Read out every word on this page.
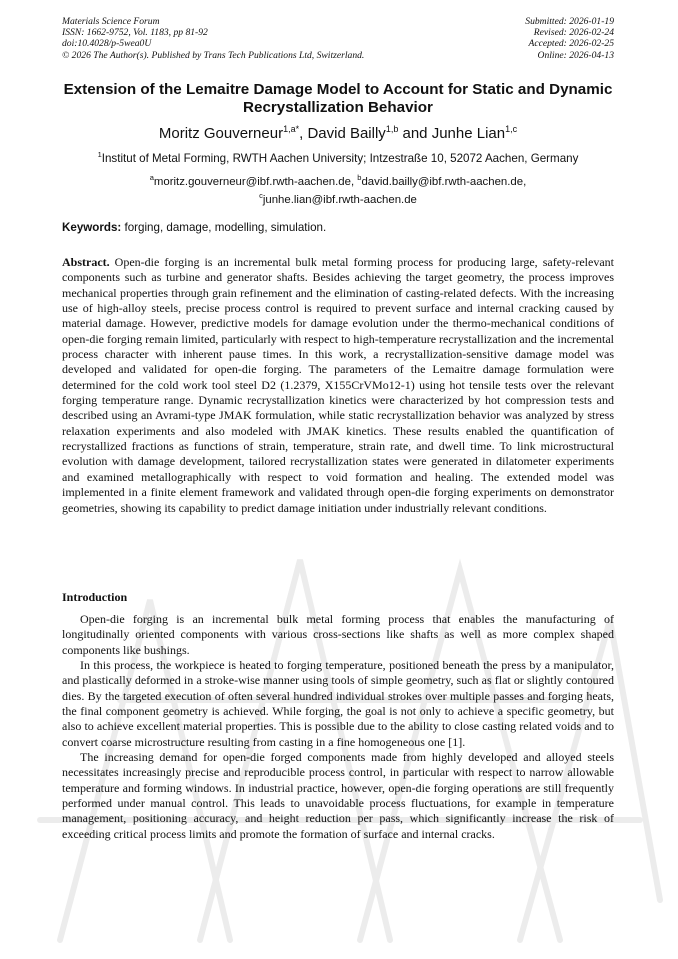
Materials Science Forum
ISSN: 1662-9752, Vol. 1183, pp 81-92
doi:10.4028/p-5wea0U
© 2026 The Author(s). Published by Trans Tech Publications Ltd, Switzerland.
Submitted: 2026-01-19
Revised: 2026-02-24
Accepted: 2026-02-25
Online: 2026-04-13
Extension of the Lemaitre Damage Model to Account for Static and Dynamic Recrystallization Behavior
Moritz Gouverneur$^{1,a*}$, David Bailly$^{1,b}$ and Junhe Lian$^{1,c}$
$^1$Institut of Metal Forming, RWTH Aachen University; Intzestraße 10, 52072 Aachen, Germany
$^a$moritz.gouverneur@ibf.rwth-aachen.de, $^b$david.bailly@ibf.rwth-aachen.de,
$^c$junhe.lian@ibf.rwth-aachen.de
Keywords: forging, damage, modelling, simulation.

Abstract. Open-die forging is an incremental bulk metal forming process for producing large, safety-relevant components such as turbine and generator shafts. Besides achieving the target geometry, the process improves mechanical properties through grain refinement and the elimination of casting-related defects. With the increasing use of high-alloy steels, precise process control is required to prevent surface and internal cracking caused by material damage. However, predictive models for damage evolution under the thermo-mechanical conditions of open-die forging remain limited, particularly with respect to high-temperature recrystallization and the incremental process character with inherent pause times. In this work, a recrystallization-sensitive damage model was developed and validated for open-die forging. The parameters of the Lemaitre damage formulation were determined for the cold work tool steel D2 (1.2379, X155CrVMo12-1) using hot tensile tests over the relevant forging temperature range. Dynamic recrystallization kinetics were characterized by hot compression tests and described using an Avrami-type JMAK formulation, while static recrystallization behavior was analyzed by stress relaxation experiments and also modeled with JMAK kinetics. These results enabled the quantification of recrystallized fractions as functions of strain, temperature, strain rate, and dwell time. To link microstructural evolution with damage development, tailored recrystallization states were generated in dilatometer experiments and examined metallographically with respect to void formation and healing. The extended model was implemented in a finite element framework and validated through open-die forging experiments on demonstrator geometries, showing its capability to predict damage initiation under industrially relevant conditions.

Introduction

Open-die forging is an incremental bulk metal forming process that enables the manufacturing of longitudinally oriented components with various cross-sections like shafts as well as more complex shaped components like bushings.

In this process, the workpiece is heated to forging temperature, positioned beneath the press by a manipulator, and plastically deformed in a stroke-wise manner using tools of simple geometry, such as flat or slightly contoured dies. By the targeted execution of often several hundred individual strokes over multiple passes and forging heats, the final component geometry is achieved. While forging, the goal is not only to achieve a specific geometry, but also to achieve excellent material properties. This is possible due to the ability to close casting related voids and to convert coarse microstructure resulting from casting in a fine homogeneous one [1].

The increasing demand for open-die forged components made from highly developed and alloyed steels necessitates increasingly precise and reproducible process control, in particular with respect to narrow allowable temperature and forming windows. In industrial practice, however, open-die forging operations are still frequently performed under manual control. This leads to unavoidable process fluctuations, for example in temperature management, positioning accuracy, and height reduction per pass, which significantly increase the risk of exceeding critical process limits and promote the formation of surface and internal cracks.
